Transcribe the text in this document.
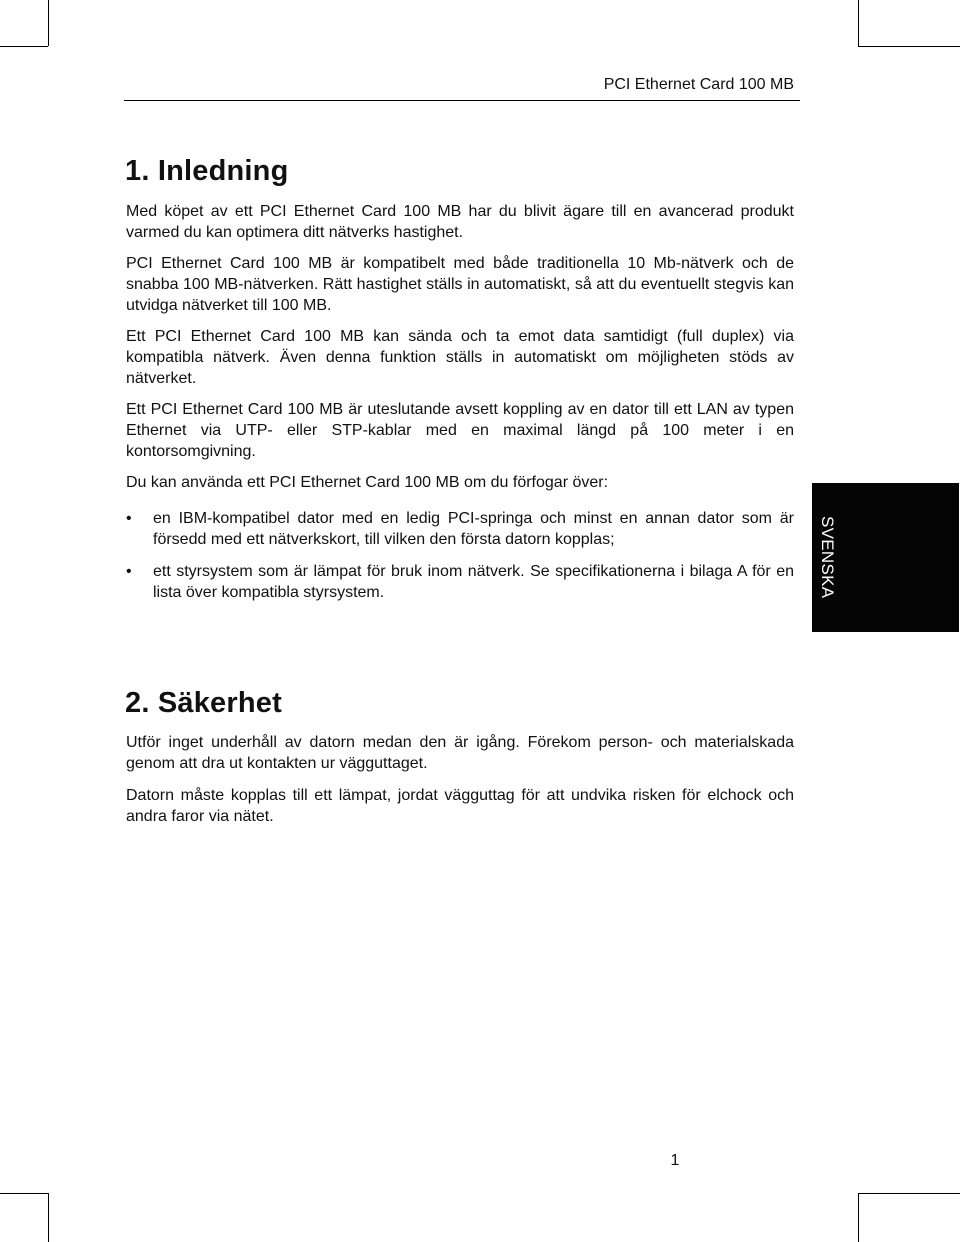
PCI Ethernet Card 100 MB
1. Inledning

Med köpet av ett PCI Ethernet Card 100 MB har du blivit ägare till en avancerad produkt varmed du kan optimera ditt nätverks hastighet.

PCI Ethernet Card 100 MB är kompatibelt med både traditionella 10 Mb-nätverk och de snabba 100 MB-nätverken. Rätt hastighet ställs in automatiskt, så att du eventuellt stegvis kan utvidga nätverket till 100 MB.

Ett PCI Ethernet Card 100 MB kan sända och ta emot data samtidigt (full duplex) via kompatibla nätverk. Även denna funktion ställs in automatiskt om möjligheten stöds av nätverket.

Ett PCI Ethernet Card 100 MB är uteslutande avsett koppling av en dator till ett LAN av typen Ethernet via UTP- eller STP-kablar med en maximal längd på 100 meter i en kontorsomgivning.

Du kan använda ett PCI Ethernet Card 100 MB om du förfogar över:

• en IBM-kompatibel dator med en ledig PCI-springa och minst en annan dator som är försedd med ett nätverkskort, till vilken den första datorn kopplas;
• ett styrsystem som är lämpat för bruk inom nätverk. Se specifikationerna i bilaga A för en lista över kompatibla styrsystem.	SVENSKA
2. Säkerhet

Utför inget underhåll av datorn medan den är igång. Förekom person- och materialskada genom att dra ut kontakten ur vägguttaget.

Datorn måste kopplas till ett lämpat, jordat vägguttag för att undvika risken för elchock och andra faror via nätet.

1
